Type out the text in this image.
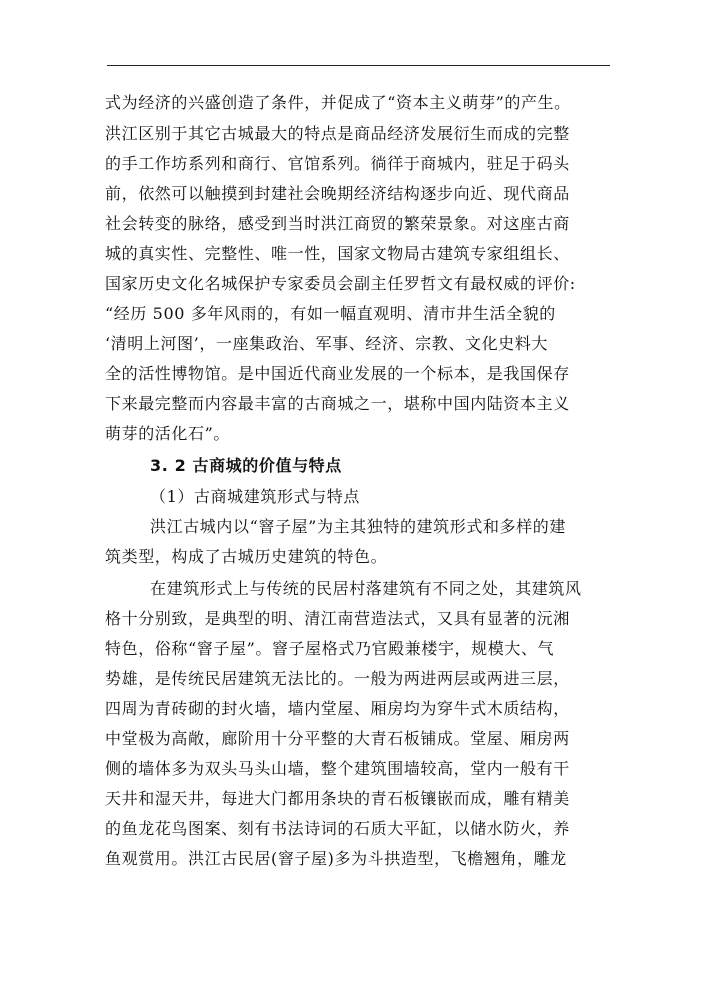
式为经济的兴盛创造了条件，并促成了“资本主义萌芽”的产生。
洪江区别于其它古城最大的特点是商品经济发展衍生而成的完整
的手工作坊系列和商行、官馆系列。徜徉于商城内，驻足于码头
前，依然可以触摸到封建社会晚期经济结构逐步向近、现代商品
社会转变的脉络，感受到当时洪江商贸的繁荣景象。对这座古商
城的真实性、完整性、唯一性，国家文物局古建筑专家组组长、
国家历史文化名城保护专家委员会副主任罗哲文有最权威的评价:
“经历 500 多年风雨的，有如一幅直观明、清市井生活全貌的
‘清明上河图’，一座集政治、军事、经济、宗教、文化史料大
全的活性博物馆。是中国近代商业发展的一个标本，是我国保存
下来最完整而内容最丰富的古商城之一，堪称中国内陆资本主义
萌芽的活化石”。
3. 2 古商城的价值与特点
（1）古商城建筑形式与特点
洪江古城内以“窨子屋”为主其独特的建筑形式和多样的建
筑类型，构成了古城历史建筑的特色。
在建筑形式上与传统的民居村落建筑有不同之处，其建筑风
格十分别致，是典型的明、清江南营造法式，又具有显著的沅湘
特色，俗称“窨子屋”。窨子屋格式乃官殿兼楼宇，规模大、气
势雄，是传统民居建筑无法比的。一般为两进两层或两进三层，
四周为青砖砌的封火墙，墙内堂屋、厢房均为穿牛式木质结构，
中堂极为高敞，廊阶用十分平整的大青石板铺成。堂屋、厢房两
侧的墙体多为双头马头山墙，整个建筑围墙较高，堂内一般有干
天井和湿天井，每进大门都用条块的青石板镶嵌而成，雕有精美
的鱼龙花鸟图案、刻有书法诗词的石质大平缸，以储水防火，养
鱼观赏用。洪江古民居(窨子屋)多为斗拱造型，飞檐翘角，雕龙
